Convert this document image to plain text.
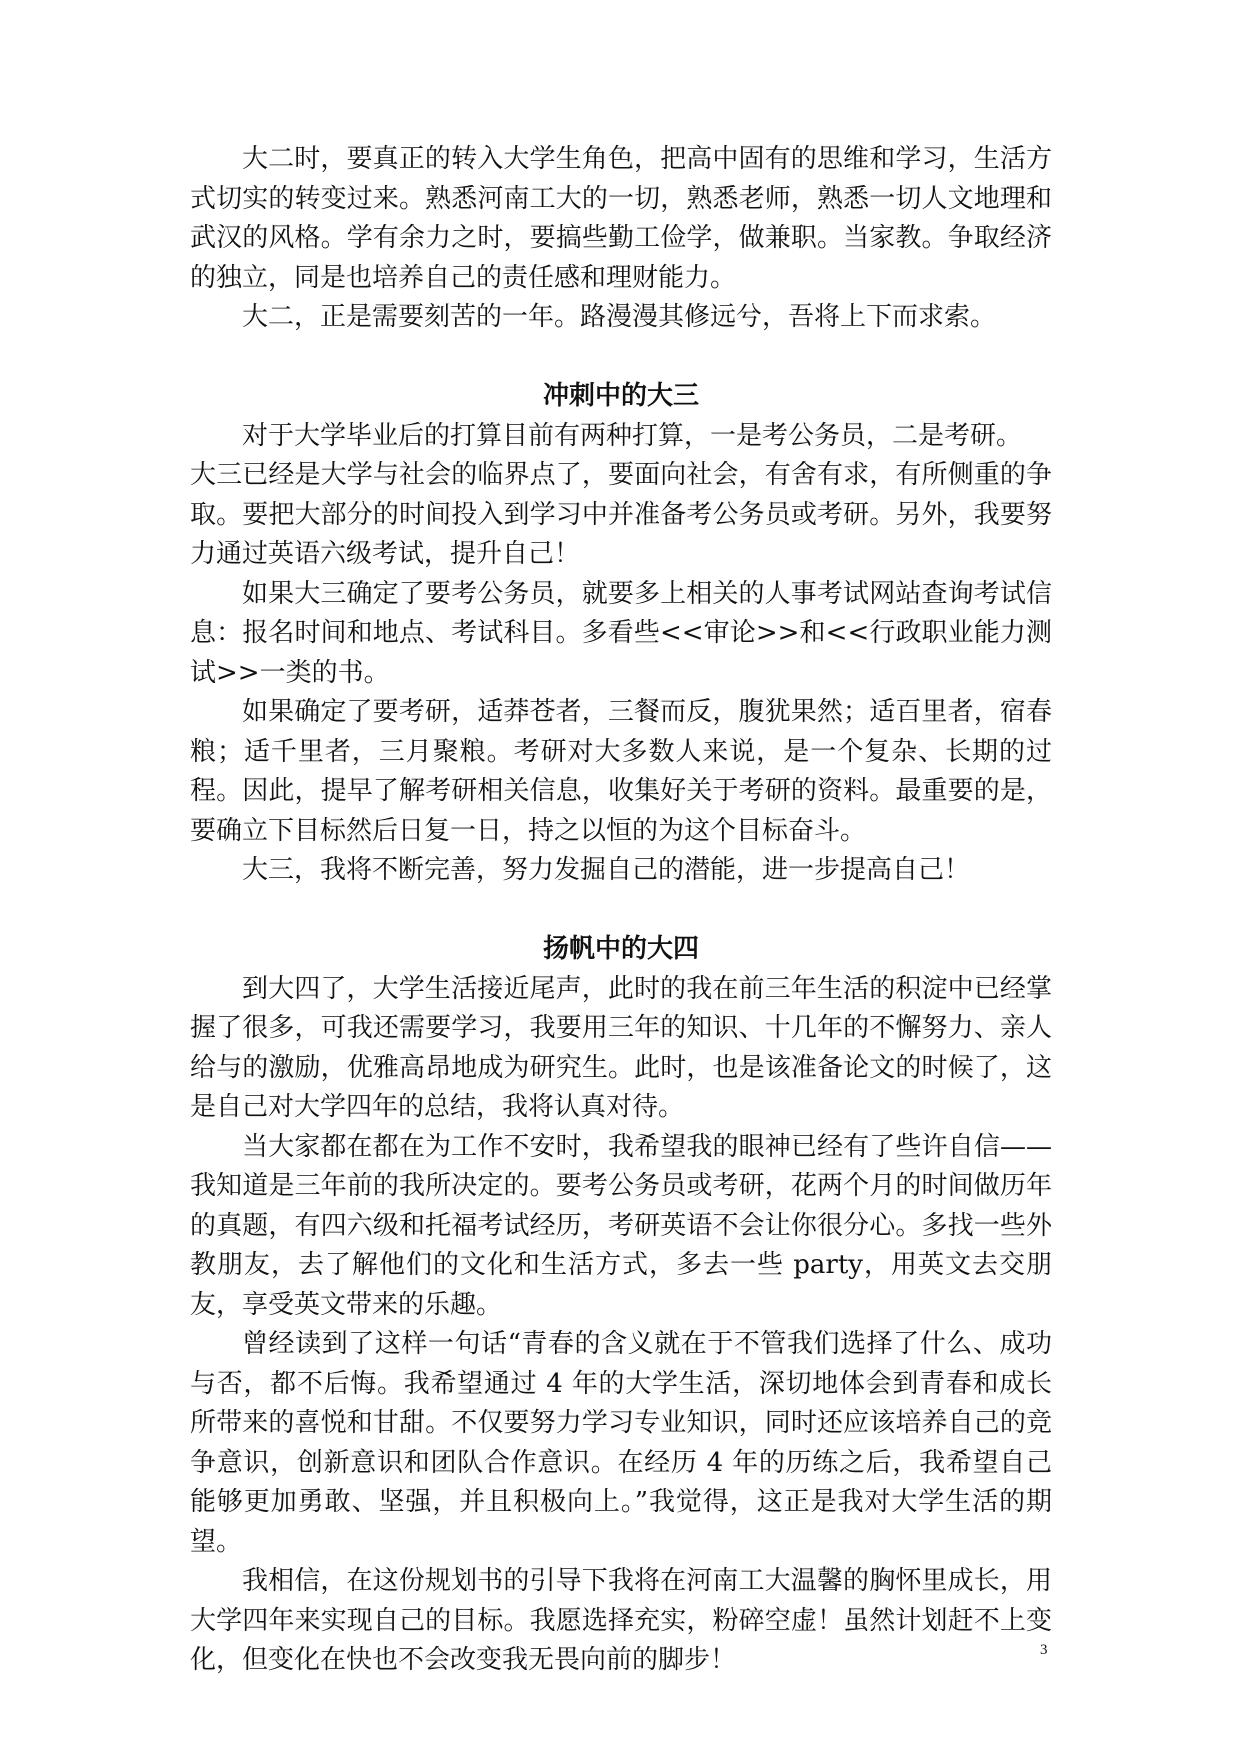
大二时，要真正的转入大学生角色，把高中固有的思维和学习，生活方式切实的转变过来。熟悉河南工大的一切，熟悉老师，熟悉一切人文地理和武汉的风格。学有余力之时，要搞些勤工俭学，做兼职。当家教。争取经济的独立，同是也培养自己的责任感和理财能力。

大二，正是需要刻苦的一年。路漫漫其修远兮，吾将上下而求索。

冲刺中的大三

对于大学毕业后的打算目前有两种打算，一是考公务员，二是考研。

大三已经是大学与社会的临界点了，要面向社会，有舍有求，有所侧重的争取。要把大部分的时间投入到学习中并准备考公务员或考研。另外，我要努力通过英语六级考试，提升自己！

如果大三确定了要考公务员，就要多上相关的人事考试网站查询考试信息：报名时间和地点、考试科目。多看些<<审论>>和<<行政职业能力测试>>一类的书。

如果确定了要考研，适莽苍者，三餐而反，腹犹果然；适百里者，宿春粮；适千里者，三月聚粮。考研对大多数人来说，是一个复杂、长期的过程。因此，提早了解考研相关信息，收集好关于考研的资料。最重要的是，要确立下目标然后日复一日，持之以恒的为这个目标奋斗。

大三，我将不断完善，努力发掘自己的潜能，进一步提高自己！

扬帆中的大四

到大四了，大学生活接近尾声，此时的我在前三年生活的积淀中已经掌握了很多，可我还需要学习，我要用三年的知识、十几年的不懈努力、亲人给与的激励，优雅高昂地成为研究生。此时，也是该准备论文的时候了，这是自己对大学四年的总结，我将认真对待。

当大家都在都在为工作不安时，我希望我的眼神已经有了些许自信——我知道是三年前的我所决定的。要考公务员或考研，花两个月的时间做历年的真题，有四六级和托福考试经历，考研英语不会让你很分心。多找一些外教朋友，去了解他们的文化和生活方式，多去一些 party，用英文去交朋友，享受英文带来的乐趣。

曾经读到了这样一句话“青春的含义就在于不管我们选择了什么、成功与否，都不后悔。我希望通过 4 年的大学生活，深切地体会到青春和成长所带来的喜悦和甘甜。不仅要努力学习专业知识，同时还应该培养自己的竞争意识，创新意识和团队合作意识。在经历 4 年的历练之后，我希望自己能够更加勇敢、坚强，并且积极向上。”我觉得，这正是我对大学生活的期望。

我相信，在这份规划书的引导下我将在河南工大温馨的胸怀里成长，用大学四年来实现自己的目标。我愿选择充实，粉碎空虚！虽然计划赶不上变化，但变化在快也不会改变我无畏向前的脚步！	3
